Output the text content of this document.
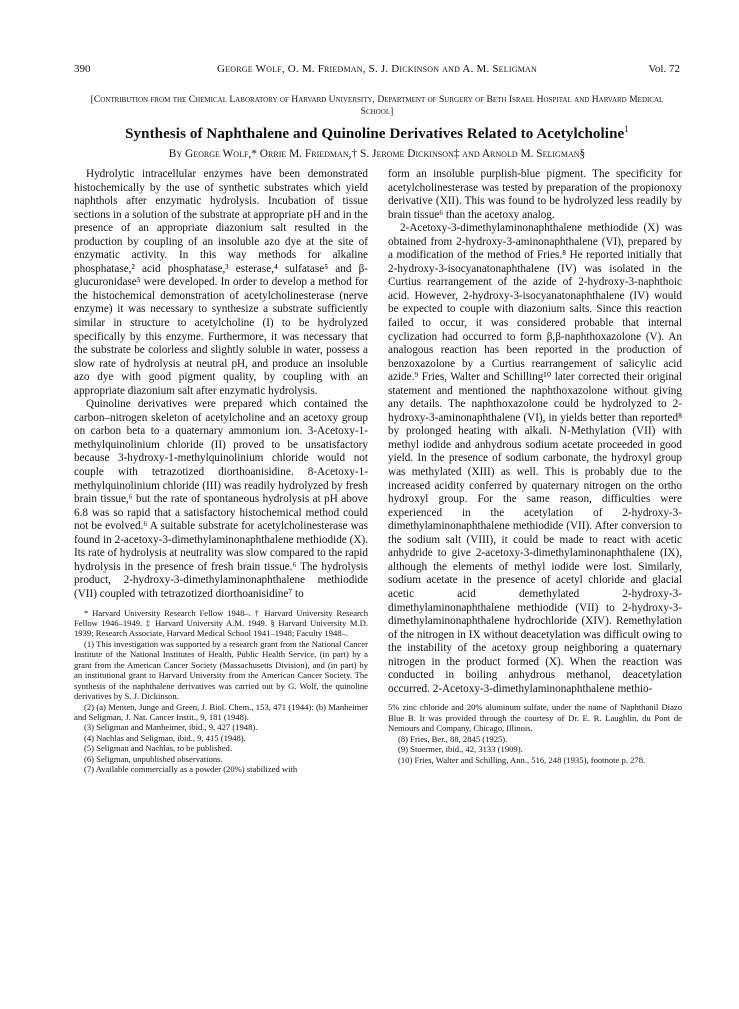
390	George Wolf, O. M. Friedman, S. J. Dickinson and A. M. Seligman	Vol. 72
[Contribution from the Chemical Laboratory of Harvard University, Department of Surgery of Beth Israel Hospital and Harvard Medical School]
Synthesis of Naphthalene and Quinoline Derivatives Related to Acetylcholine$^1$
By George Wolf,* Orrie M. Friedman,† S. Jerome Dickinson‡ and Arnold M. Seligman§

Hydrolytic intracellular enzymes have been demonstrated histochemically by the use of synthetic substrates which yield naphthols after enzymatic hydrolysis. Incubation of tissue sections in a solution of the substrate at appropriate pH and in the presence of an appropriate diazonium salt resulted in the production by coupling of an insoluble azo dye at the site of enzymatic activity. In this way methods for alkaline phosphatase,² acid phosphatase,³ esterase,⁴ sulfatase⁵ and β-glucuronidase⁵ were developed. In order to develop a method for the histochemical demonstration of acetylcholinesterase (nerve enzyme) it was necessary to synthesize a substrate sufficiently similar in structure to acetylcholine (I) to be hydrolyzed specifically by this enzyme. Furthermore, it was necessary that the substrate be colorless and slightly soluble in water, possess a slow rate of hydrolysis at neutral pH, and produce an insoluble azo dye with good pigment quality, by coupling with an appropriate diazonium salt after enzymatic hydrolysis.

Quinoline derivatives were prepared which contained the carbon–nitrogen skeleton of acetylcholine and an acetoxy group on carbon beta to a quaternary ammonium ion. 3-Acetoxy-1-methylquinolinium chloride (II) proved to be unsatisfactory because 3-hydroxy-1-methylquinolinium chloride would not couple with tetrazotized diorthoanisidine. 8-Acetoxy-1-methylquinolinium chloride (III) was readily hydrolyzed by fresh brain tissue,⁶ but the rate of spontaneous hydrolysis at pH above 6.8 was so rapid that a satisfactory histochemical method could not be evolved.⁶ A suitable substrate for acetylcholinesterase was found in 2-acetoxy-3-dimethylaminonaphthalene methiodide (X). Its rate of hydrolysis at neutrality was slow compared to the rapid hydrolysis in the presence of fresh brain tissue.⁶ The hydrolysis product, 2-hydroxy-3-dimethylaminonaphthalene methiodide (VII) coupled with tetrazotized diorthoanisidine⁷ to

* Harvard University Research Fellow 1948–. † Harvard University Research Fellow 1946–1949. ‡ Harvard University A.M. 1949. § Harvard University M.D. 1939; Research Associate, Harvard Medical School 1941–1948; Faculty 1948–.

(1) This investigation was supported by a research grant from the National Cancer Institute of the National Institutes of Health, Public Health Service, (in part) by a grant from the American Cancer Society (Massachusetts Division), and (in part) by an institutional grant to Harvard University from the American Cancer Society. The synthesis of the naphthalene derivatives was carried out by G. Wolf, the quinoline derivatives by S. J. Dickinson.

(2) (a) Menten, Junge and Green, J. Biol. Chem., 153, 471 (1944): (b) Manheimer and Seligman, J. Nat. Cancer Instit., 9, 181 (1948).

(3) Seligman and Manheimer, ibid., 9, 427 (1948).

(4) Nachlas and Seligman, ibid., 9, 415 (1948).

(5) Seligman and Nachlas, to be published.

(6) Seligman, unpublished observations.

(7) Available commercially as a powder (20%) stabilized with

form an insoluble purplish-blue pigment. The specificity for acetylcholinesterase was tested by preparation of the propionoxy derivative (XII). This was found to be hydrolyzed less readily by brain tissue⁶ than the acetoxy analog.

2-Acetoxy-3-dimethylaminonaphthalene methiodide (X) was obtained from 2-hydroxy-3-aminonaphthalene (VI), prepared by a modification of the method of Fries.⁸ He reported initially that 2-hydroxy-3-isocyanatonaphthalene (IV) was isolated in the Curtius rearrangement of the azide of 2-hydroxy-3-naphthoic acid. However, 2-hydroxy-3-isocyanatonaphthalene (IV) would be expected to couple with diazonium salts. Since this reaction failed to occur, it was considered probable that internal cyclization had occurred to form β,β-naphthoxazolone (V). An analogous reaction has been reported in the production of benzoxazolone by a Curtius rearrangement of salicylic acid azide.⁹ Fries, Walter and Schilling¹⁰ later corrected their original statement and mentioned the naphthoxazolone without giving any details. The naphthoxazolone could be hydrolyzed to 2-hydroxy-3-aminonaphthalene (VI), in yields better than reported⁸ by prolonged heating with alkali. N-Methylation (VII) with methyl iodide and anhydrous sodium acetate proceeded in good yield. In the presence of sodium carbonate, the hydroxyl group was methylated (XIII) as well. This is probably due to the increased acidity conferred by quaternary nitrogen on the ortho hydroxyl group. For the same reason, difficulties were experienced in the acetylation of 2-hydroxy-3-dimethylaminonaphthalene methiodide (VII). After conversion to the sodium salt (VIII), it could be made to react with acetic anhydride to give 2-acetoxy-3-dimethylaminonaphthalene (IX), although the elements of methyl iodide were lost. Similarly, sodium acetate in the presence of acetyl chloride and glacial acetic acid demethylated 2-hydroxy-3-dimethylaminonaphthalene methiodide (VII) to 2-hydroxy-3-dimethylaminonaphthalene hydrochloride (XIV). Remethylation of the nitrogen in IX without deacetylation was difficult owing to the instability of the acetoxy group neighboring a quaternary nitrogen in the product formed (X). When the reaction was conducted in boiling anhydrous methanol, deacetylation occurred. 2-Acetoxy-3-dimethylaminonaphthalene methio-

5% zinc chloride and 20% aluminum sulfate, under the name of Naphthanil Diazo Blue B. It was provided through the courtesy of Dr. E. R. Laughlin, du Pont de Nemours and Company, Chicago, Illinois.

(8) Fries, Ber., 88, 2845 (1925).

(9) Stoermer, ibid., 42, 3133 (1909).

(10) Fries, Walter and Schilling, Ann., 516, 248 (1935), footnote p. 278.
